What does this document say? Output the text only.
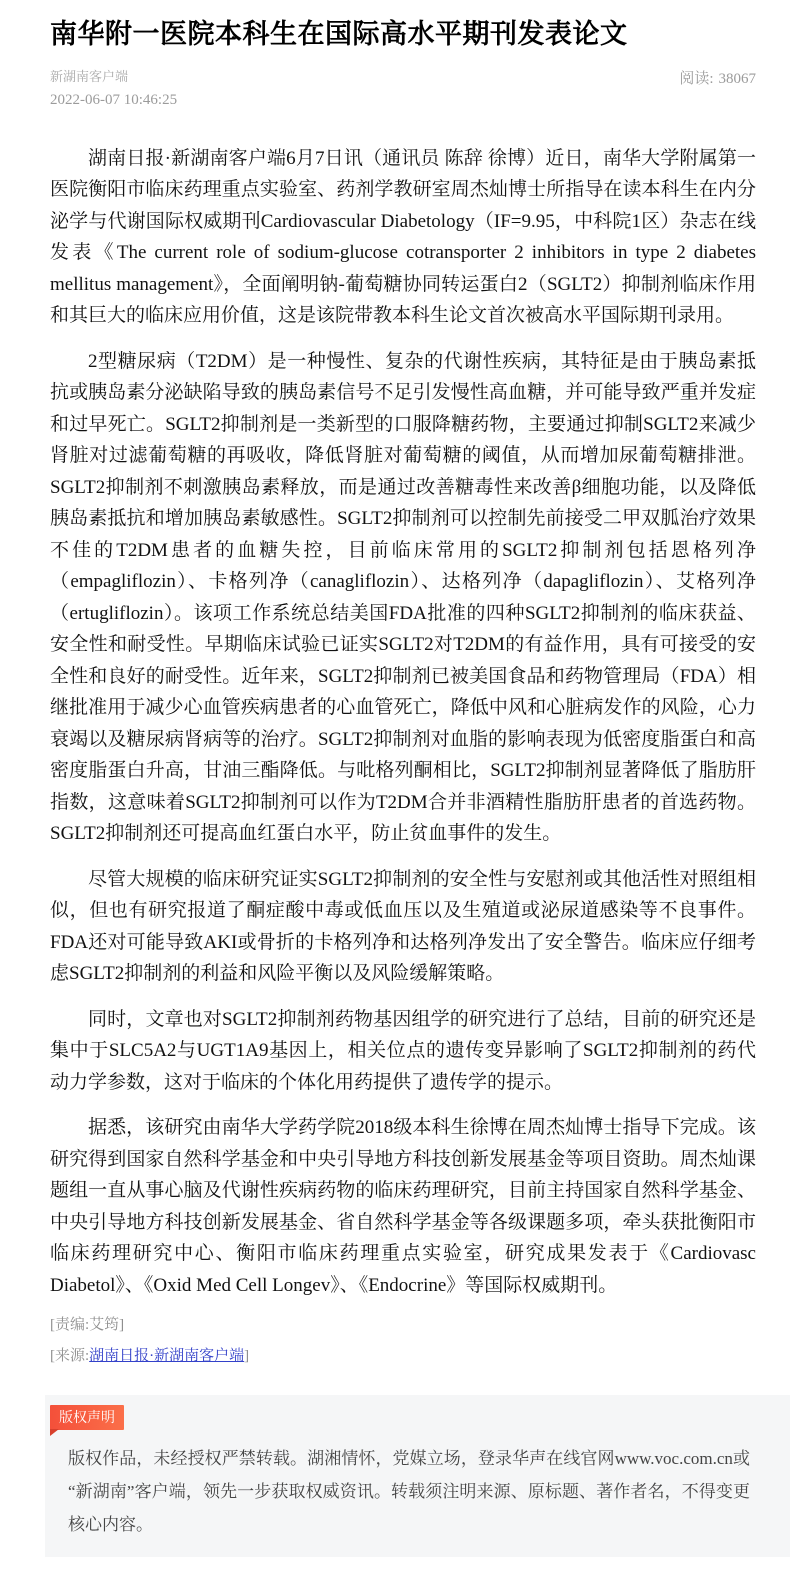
南华附一医院本科生在国际高水平期刊发表论文
新湖南客户端
2022-06-07 10:46:25
阅读: 38067

湖南日报·新湖南客户端6月7日讯（通讯员 陈辞 徐博）近日，南华大学附属第一医院衡阳市临床药理重点实验室、药剂学教研室周杰灿博士所指导在读本科生在内分泌学与代谢国际权威期刊Cardiovascular Diabetology（IF=9.95，中科院1区）杂志在线发表《The current role of sodium-glucose cotransporter 2 inhibitors in type 2 diabetes mellitus management》，全面阐明钠-葡萄糖协同转运蛋白2（SGLT2）抑制剂临床作用和其巨大的临床应用价值，这是该院带教本科生论文首次被高水平国际期刊录用。

2型糖尿病（T2DM）是一种慢性、复杂的代谢性疾病，其特征是由于胰岛素抵抗或胰岛素分泌缺陷导致的胰岛素信号不足引发慢性高血糖，并可能导致严重并发症和过早死亡。SGLT2抑制剂是一类新型的口服降糖药物，主要通过抑制SGLT2来减少肾脏对过滤葡萄糖的再吸收，降低肾脏对葡萄糖的阈值，从而增加尿葡萄糖排泄。SGLT2抑制剂不刺激胰岛素释放，而是通过改善糖毒性来改善β细胞功能，以及降低胰岛素抵抗和增加胰岛素敏感性。SGLT2抑制剂可以控制先前接受二甲双胍治疗效果不佳的T2DM患者的血糖失控，目前临床常用的SGLT2抑制剂包括恩格列净（empagliflozin）、卡格列净（canagliflozin）、达格列净（dapagliflozin）、艾格列净（ertugliflozin）。该项工作系统总结美国FDA批准的四种SGLT2抑制剂的临床获益、安全性和耐受性。早期临床试验已证实SGLT2对T2DM的有益作用，具有可接受的安全性和良好的耐受性。近年来，SGLT2抑制剂已被美国食品和药物管理局（FDA）相继批准用于减少心血管疾病患者的心血管死亡，降低中风和心脏病发作的风险，心力衰竭以及糖尿病肾病等的治疗。SGLT2抑制剂对血脂的影响表现为低密度脂蛋白和高密度脂蛋白升高，甘油三酯降低。与吡格列酮相比，SGLT2抑制剂显著降低了脂肪肝指数，这意味着SGLT2抑制剂可以作为T2DM合并非酒精性脂肪肝患者的首选药物。SGLT2抑制剂还可提高血红蛋白水平，防止贫血事件的发生。

尽管大规模的临床研究证实SGLT2抑制剂的安全性与安慰剂或其他活性对照组相似，但也有研究报道了酮症酸中毒或低血压以及生殖道或泌尿道感染等不良事件。FDA还对可能导致AKI或骨折的卡格列净和达格列净发出了安全警告。临床应仔细考虑SGLT2抑制剂的利益和风险平衡以及风险缓解策略。

同时，文章也对SGLT2抑制剂药物基因组学的研究进行了总结，目前的研究还是集中于SLC5A2与UGT1A9基因上，相关位点的遗传变异影响了SGLT2抑制剂的药代动力学参数，这对于临床的个体化用药提供了遗传学的提示。

据悉，该研究由南华大学药学院2018级本科生徐博在周杰灿博士指导下完成。该研究得到国家自然科学基金和中央引导地方科技创新发展基金等项目资助。周杰灿课题组一直从事心脑及代谢性疾病药物的临床药理研究，目前主持国家自然科学基金、中央引导地方科技创新发展基金、省自然科学基金等各级课题多项，牵头获批衡阳市临床药理研究中心、衡阳市临床药理重点实验室，研究成果发表于《Cardiovasc Diabetol》、《Oxid Med Cell Longev》、《Endocrine》等国际权威期刊。

[责编:艾筠]
[来源:湖南日报·新湖南客户端]
版权声明

版权作品，未经授权严禁转载。湖湘情怀，党媒立场，登录华声在线官网www.voc.com.cn或“新湖南”客户端，领先一步获取权威资讯。转载须注明来源、原标题、著作者名，不得变更核心内容。
